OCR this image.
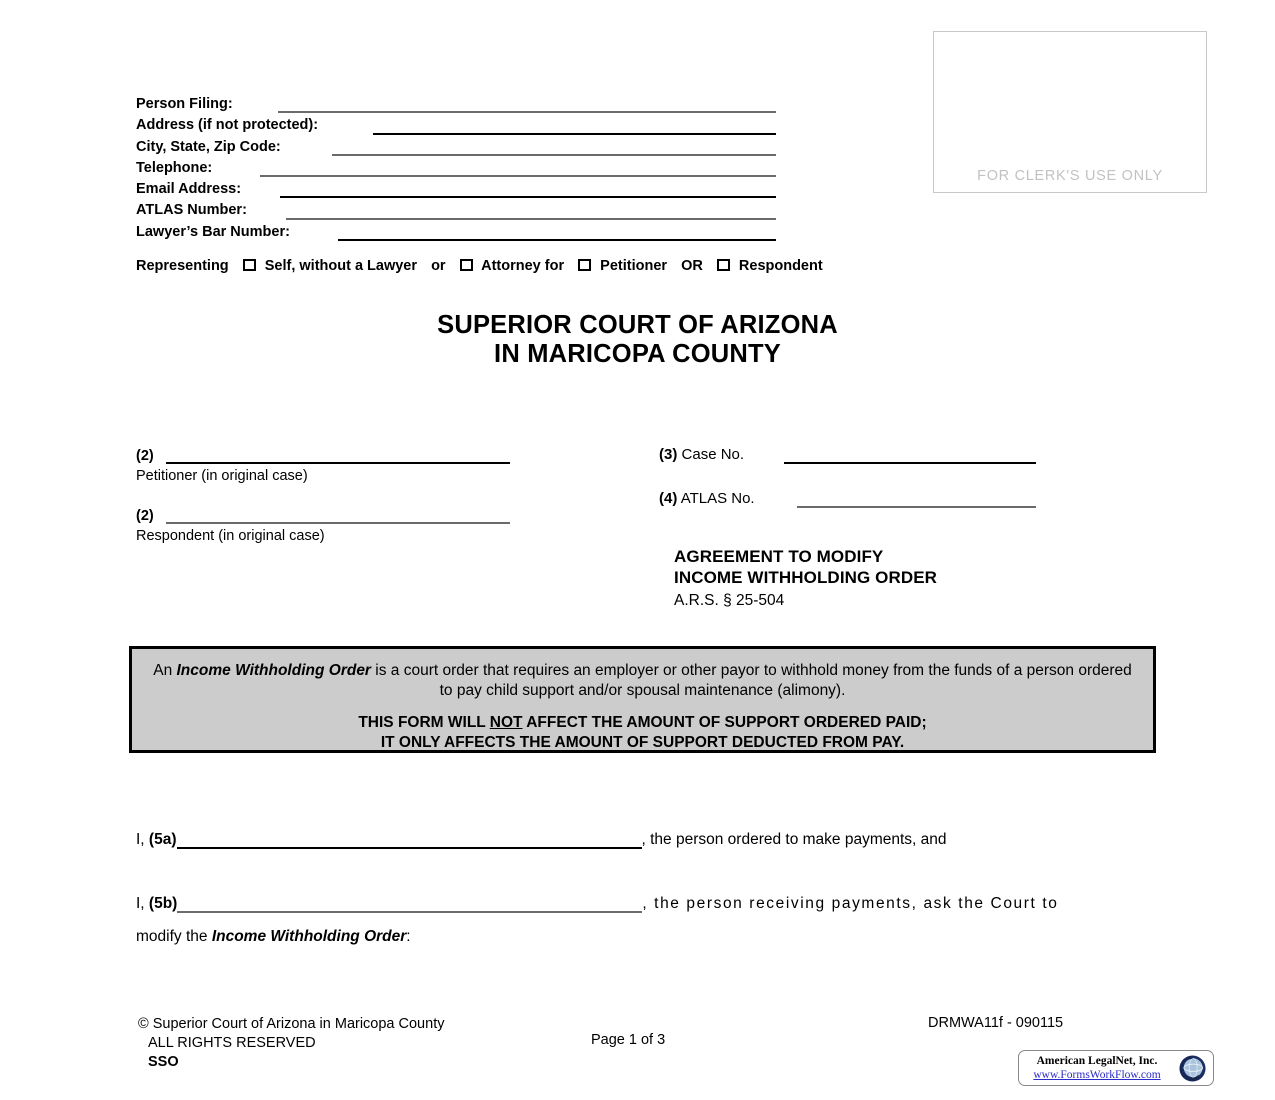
FOR CLERK'S USE ONLY
Person Filing:
Address (if not protected):
City, State, Zip Code:
Telephone:
Email Address:
ATLAS Number:
Lawyer’s Bar Number:
Representing Self, without a Lawyer or Attorney for Petitioner OR Respondent
SUPERIOR COURT OF ARIZONA
IN MARICOPA COUNTY
(2)
Petitioner (in original case)
(2)
Respondent (in original case)
(3) Case No.
(4) ATLAS No.
AGREEMENT TO MODIFY
INCOME WITHHOLDING ORDER
A.R.S. § 25-504
An Income Withholding Order is a court order that requires an employer or other payor to withhold money from the funds of a person ordered to pay child support and/or spousal maintenance (alimony).
THIS FORM WILL NOT AFFECT THE AMOUNT OF SUPPORT ORDERED PAID;
IT ONLY AFFECTS THE AMOUNT OF SUPPORT DEDUCTED FROM PAY.
I, (5a)	, the person ordered to make payments, and
I, (5b)	, the person receiving payments, ask the Court to
modify the Income Withholding Order:
© Superior Court of Arizona in Maricopa County
ALL RIGHTS RESERVED
SSO
Page 1 of 3
DRMWA11f - 090115
American LegalNet, Inc.
www.FormsWorkFlow.com
